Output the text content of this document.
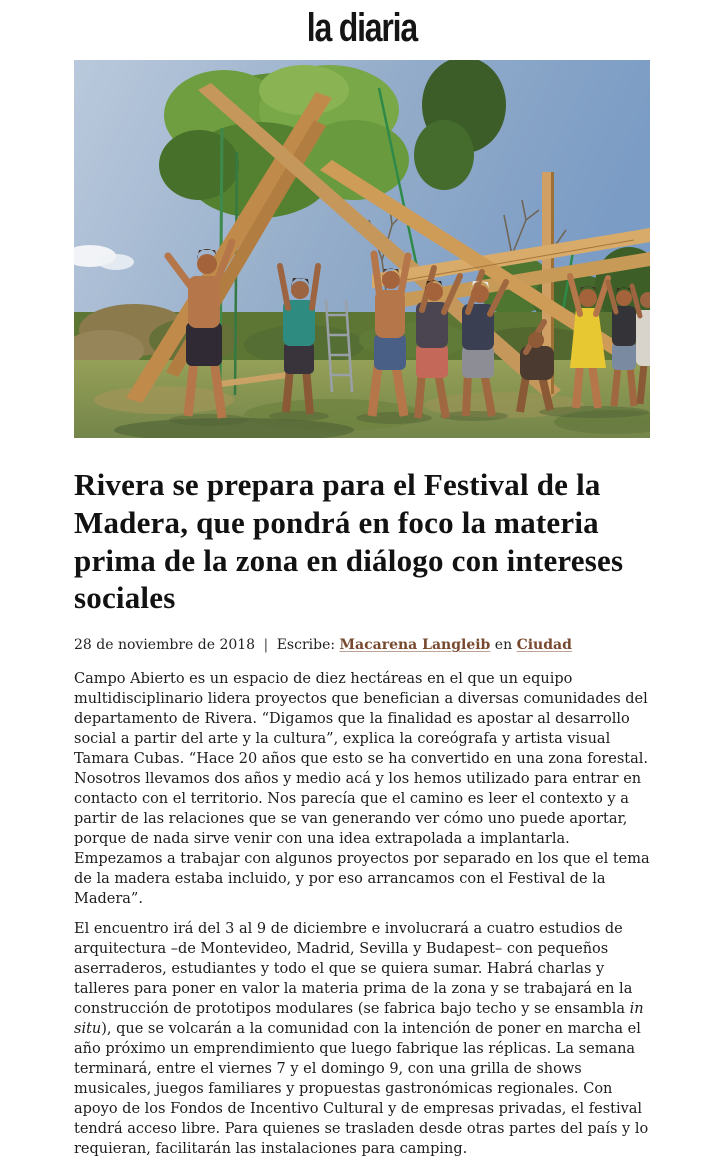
la diaria
Rivera se prepara para el Festival de la Madera, que pondrá en foco la materia prima de la zona en diálogo con intereses sociales
28 de noviembre de 2018 | Escribe: Macarena Langleib en Ciudad

Campo Abierto es un espacio de diez hectáreas en el que un equipo multidisciplinario lidera proyectos que benefician a diversas comunidades del departamento de Rivera. “Digamos que la finalidad es apostar al desarrollo social a partir del arte y la cultura”, explica la coreógrafa y artista visual Tamara Cubas. “Hace 20 años que esto se ha convertido en una zona forestal. Nosotros llevamos dos años y medio acá y los hemos utilizado para entrar en contacto con el territorio. Nos parecía que el camino es leer el contexto y a partir de las relaciones que se van generando ver cómo uno puede aportar, porque de nada sirve venir con una idea extrapolada a implantarla. Empezamos a trabajar con algunos proyectos por separado en los que el tema de la madera estaba incluido, y por eso arrancamos con el Festival de la Madera”.

El encuentro irá del 3 al 9 de diciembre e involucrará a cuatro estudios de arquitectura –de Montevideo, Madrid, Sevilla y Budapest– con pequeños aserraderos, estudiantes y todo el que se quiera sumar. Habrá charlas y talleres para poner en valor la materia prima de la zona y se trabajará en la construcción de prototipos modulares (se fabrica bajo techo y se ensambla in situ), que se volcarán a la comunidad con la intención de poner en marcha el año próximo un emprendimiento que luego fabrique las réplicas. La semana terminará, entre el viernes 7 y el domingo 9, con una grilla de shows musicales, juegos familiares y propuestas gastronómicas regionales. Con apoyo de los Fondos de Incentivo Cultural y de empresas privadas, el festival tendrá acceso libre. Para quienes se trasladen desde otras partes del país y lo requieran, facilitarán las instalaciones para camping.
